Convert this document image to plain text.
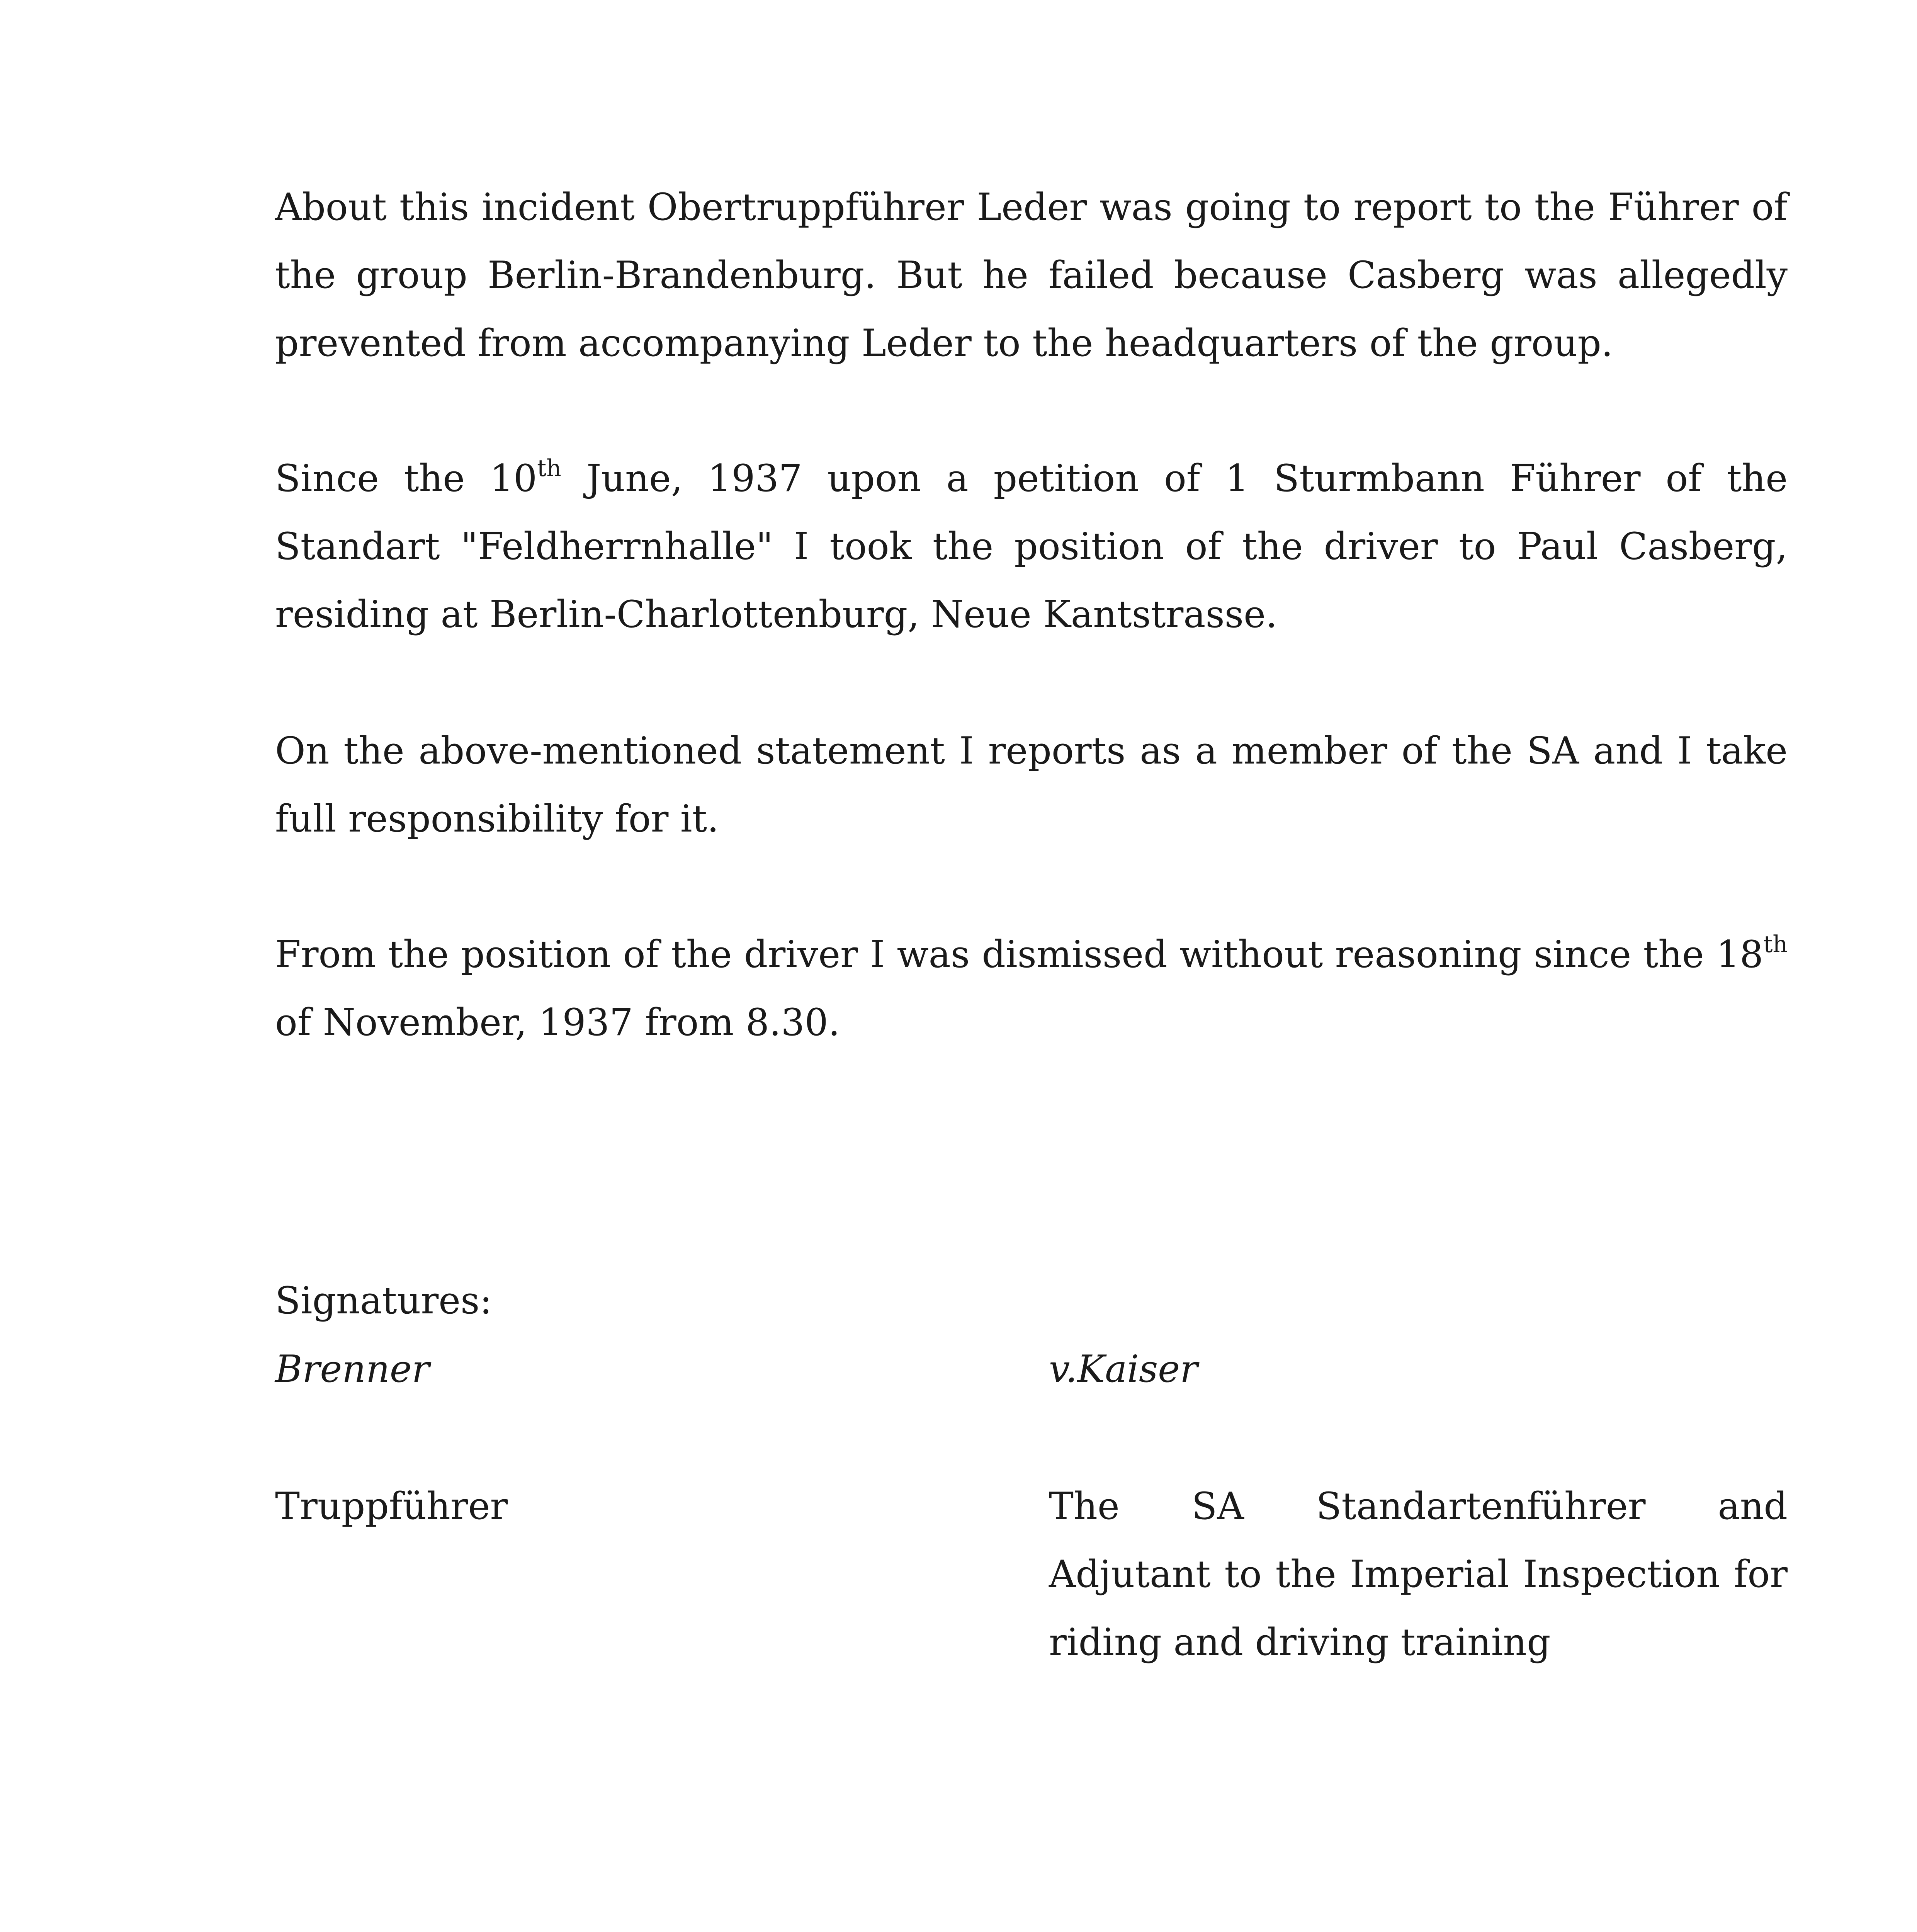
About this incident Obertruppführer Leder was going to report to the Führer of the group Berlin-Brandenburg. But he failed because Casberg was allegedly prevented from accompanying Leder to the headquarters of the group.

Since the 10th June, 1937 upon a petition of 1 Sturmbann Führer of the Standart "Feldherrnhalle" I took the position of the driver to Paul Casberg, residing at Berlin-Charlottenburg, Neue Kantstrasse.

On the above-mentioned statement I reports as a member of the SA and I take full responsibility for it.

From the position of the driver I was dismissed without reasoning since the 18th of November, 1937 from 8.30.

Signatures:

Brenner	v.Kaiser

Truppführer	The SA Standartenführer and
Adjutant to the Imperial Inspection for riding and driving training
